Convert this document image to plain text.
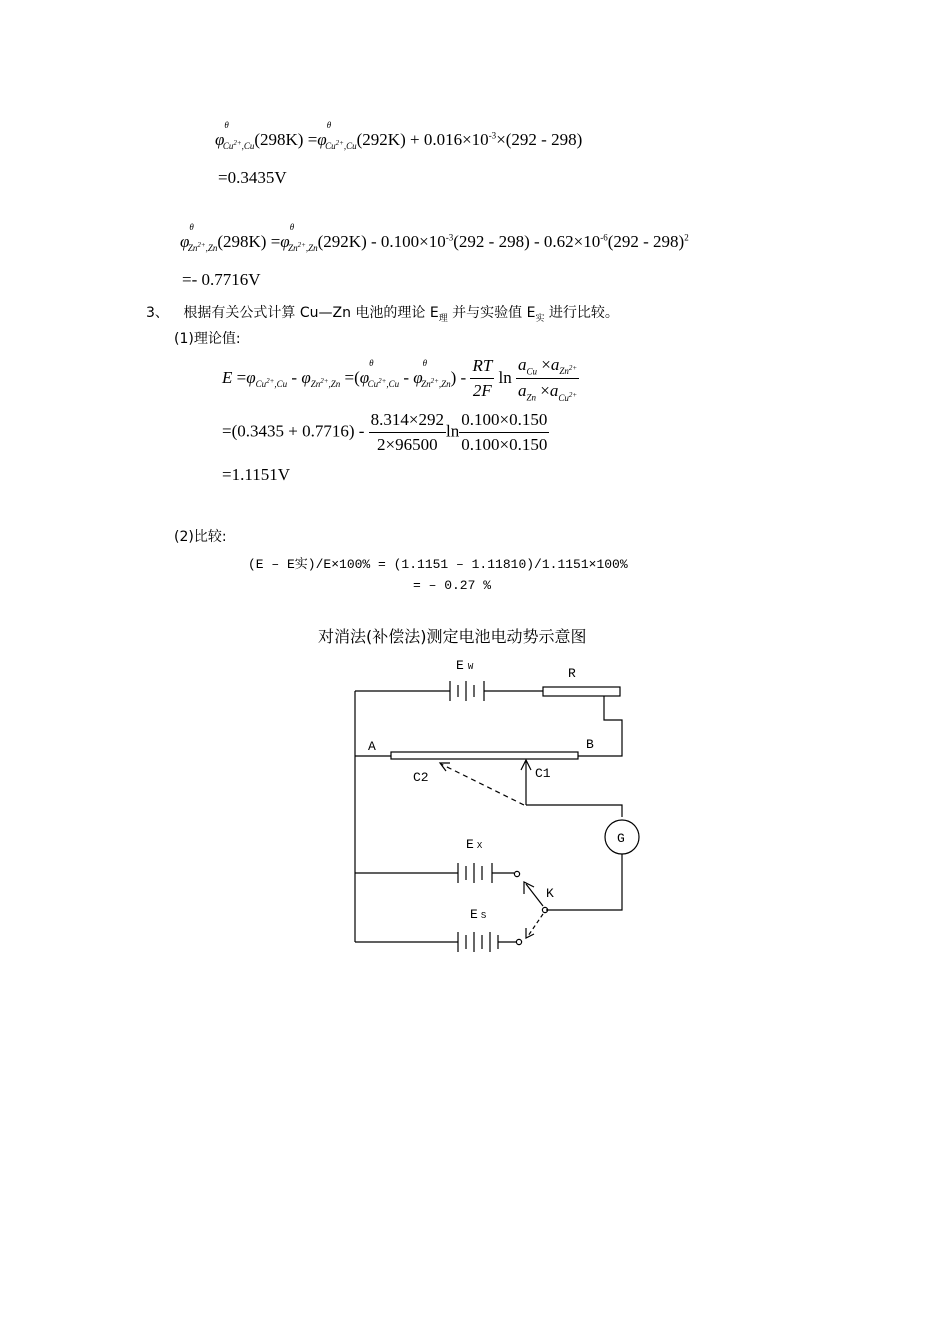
$\varphi^\theta_{Cu^{2+},Cu}(298K) =\varphi^\theta_{Cu^{2+},Cu}(292K) + 0.016\times 10^{-3}\times(292 - 298)$
=0.3435V
$\varphi^\theta_{Zn^{2+},Zn}(298K) =\varphi^\theta_{Zn^{2+},Zn}(292K) - 0.100\times 10^{-3}(292 - 298) - 0.62\times 10^{-6}(292 - 298)^2$
=- 0.7716V
3、 根据有关公式计算 Cu—Zn 电池的理论 $E_理$ 并与实验值 $E_实$ 进行比较。
(1)理论值:
$E =\varphi_{Cu^{2+},Cu} - \varphi_{Zn^{2+},Zn} =(\varphi^\theta_{Cu^{2+},Cu} - \varphi^\theta_{Zn^{2+},Zn}) - \frac{RT}{2F}$ $\ln \frac{a_{Cu} \times a_{Zn^{2+}}}{a_{Zn} \times a_{Cu^{2+}}}$
$=(0.3435 + 0.7716) - \frac{8.314\times 292}{2\times 96500}$ $\ln \frac{0.100\times 0.150}{0.100\times 0.150}$
=1.1151V
(2)比较:
(E – E实)/E×100% = (1.1151 – 1.11810)/1.1151×100%
= – 0.27 %
对消法(补偿法)测定电池电动势示意图
E W	R
A	B
C1
C2
G
E X
E S
K
